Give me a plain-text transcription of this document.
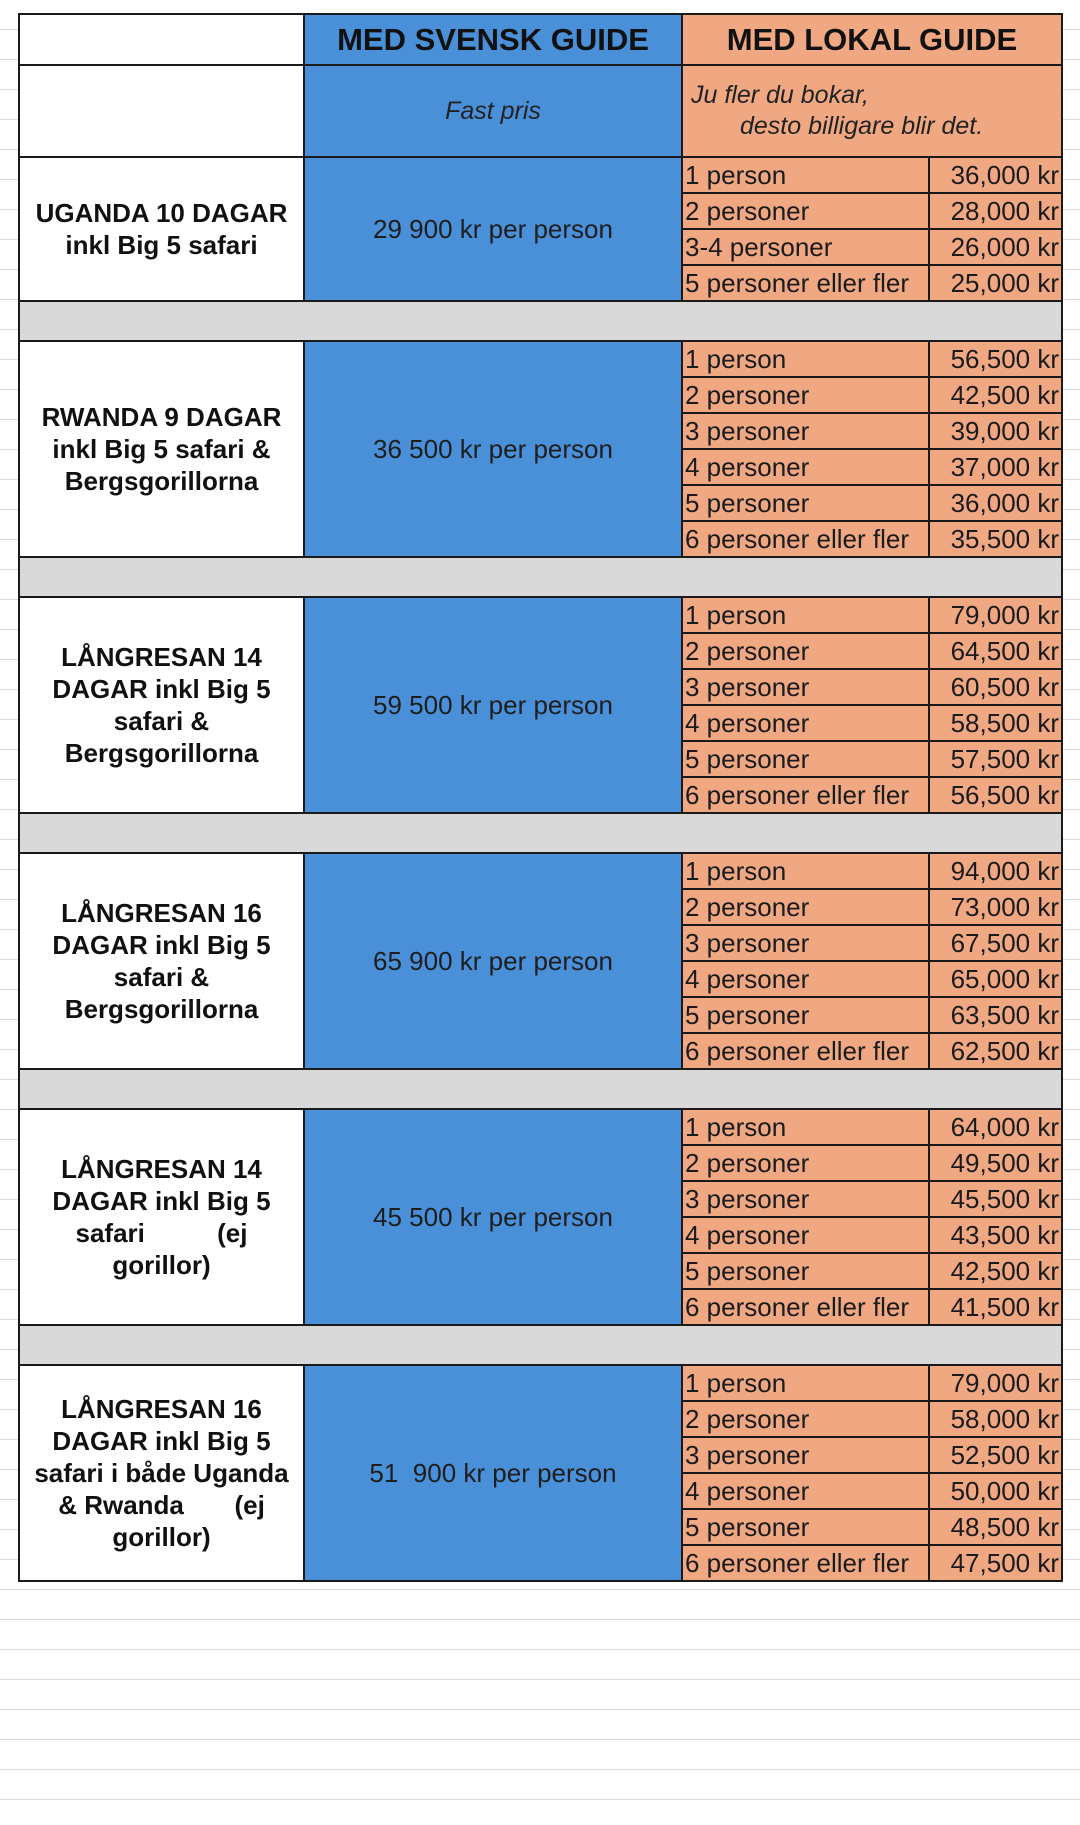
	MED SVENSK GUIDE	MED LOKAL GUIDE	
	Fast pris	Ju fler du bokar,
desto billigare blir det.	

UGANDA 10 DAGAR
inkl Big 5 safari	29 900 kr per person	1 person	36,000 kr
		2 personer	28,000 kr
		3-4 personer	26,000 kr
		5 personer eller fler	25,000 kr

RWANDA 9 DAGAR
inkl Big 5 safari &
Bergsgorillorna	36 500 kr per person	1 person	56,500 kr
		2 personer	42,500 kr
		3 personer	39,000 kr
		4 personer	37,000 kr
		5 personer	36,000 kr
		6 personer eller fler	35,500 kr

LÅNGRESAN 14
DAGAR inkl Big 5
safari &
Bergsgorillorna	59 500 kr per person	1 person	79,000 kr
		2 personer	64,500 kr
		3 personer	60,500 kr
		4 personer	58,500 kr
		5 personer	57,500 kr
		6 personer eller fler	56,500 kr

LÅNGRESAN 16
DAGAR inkl Big 5
safari &
Bergsgorillorna	65 900 kr per person	1 person	94,000 kr
		2 personer	73,000 kr
		3 personer	67,500 kr
		4 personer	65,000 kr
		5 personer	63,500 kr
		6 personer eller fler	62,500 kr

LÅNGRESAN 14
DAGAR inkl Big 5
safari          (ej
gorillor)	45 500 kr per person	1 person	64,000 kr
		2 personer	49,500 kr
		3 personer	45,500 kr
		4 personer	43,500 kr
		5 personer	42,500 kr
		6 personer eller fler	41,500 kr

LÅNGRESAN 16
DAGAR inkl Big 5
safari i både Uganda
& Rwanda       (ej
gorillor)	51  900 kr per person	1 person	79,000 kr
		2 personer	58,000 kr
		3 personer	52,500 kr
		4 personer	50,000 kr
		5 personer	48,500 kr
		6 personer eller fler	47,500 kr
